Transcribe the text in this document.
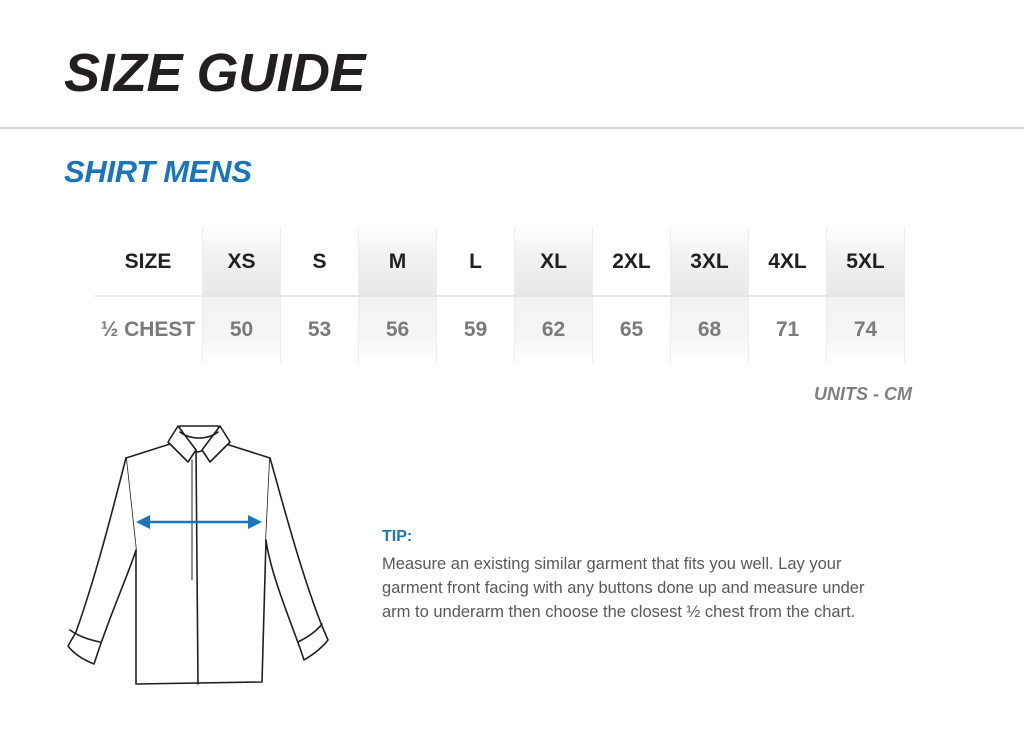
SIZE GUIDE
SHIRT MENS
SIZE	XS	S	M	L	XL	2XL	3XL	4XL	5XL
½ CHEST	50	53	56	59	62	65	68	71	74
UNITS - CM
TIP:

Measure an existing similar garment that fits you well. Lay your
garment front facing with any buttons done up and measure under
arm to underarm then choose the closest ½ chest from the chart.
